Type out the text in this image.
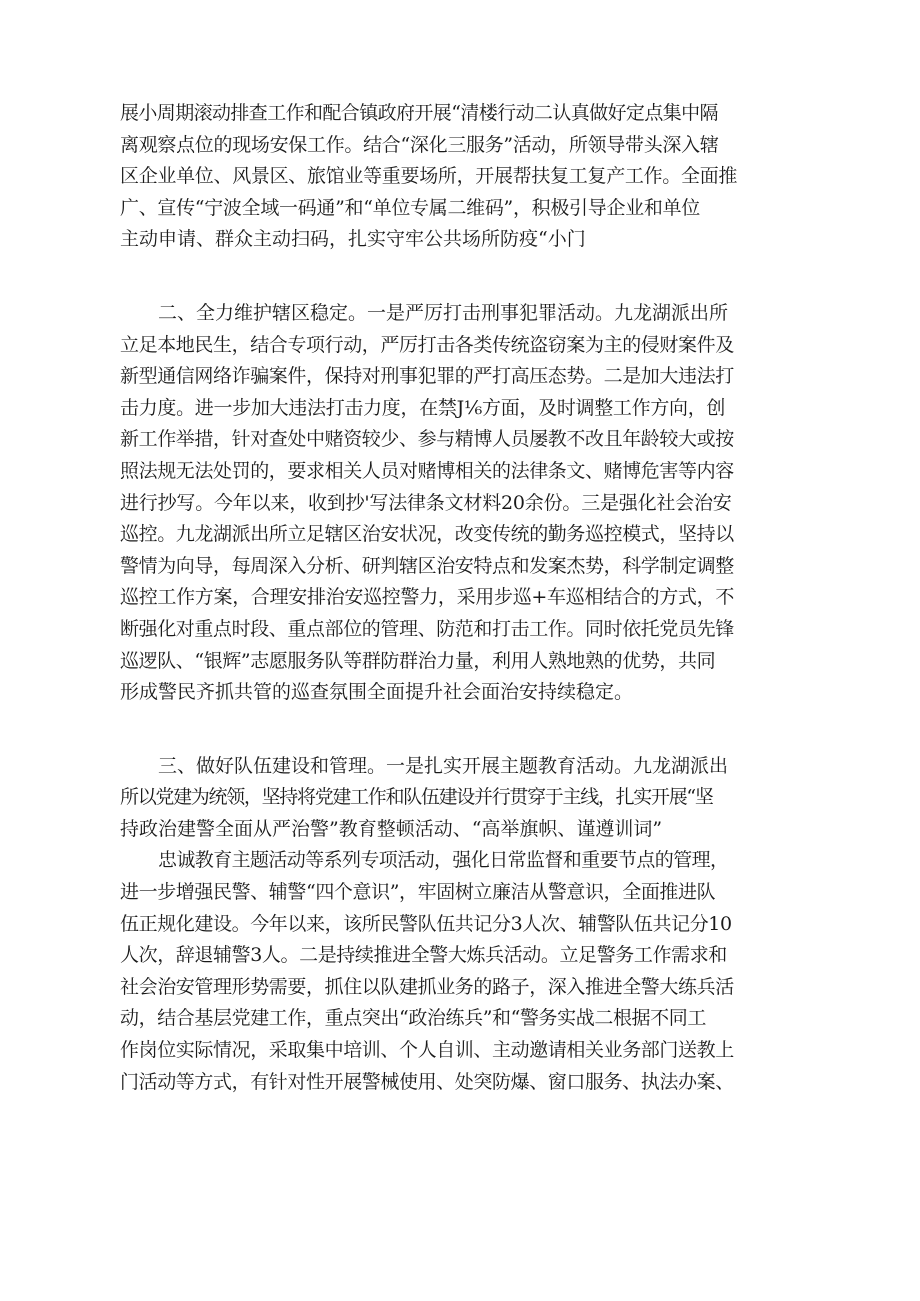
展小周期滚动排查工作和配合镇政府开展“清楼行动二认真做好定点集中隔
离观察点位的现场安保工作。结合“深化三服务”活动，所领导带头深入辖
区企业单位、风景区、旅馆业等重要场所，开展帮扶复工复产工作。全面推
广、宣传“宁波全域一码通”和“单位专属二维码”，积极引导企业和单位
主动申请、群众主动扫码，扎实守牢公共场所防疫“小门
二、全力维护辖区稳定。一是严厉打击刑事犯罪活动。九龙湖派出所
立足本地民生，结合专项行动，严厉打击各类传统盗窃案为主的侵财案件及
新型通信网络诈骗案件，保持对刑事犯罪的严打高压态势。二是加大违法打
击力度。进一步加大违法打击力度，在禁J⅙方面，及时调整工作方向，创
新工作举措，针对查处中赌资较少、参与精博人员屡教不改且年龄较大或按
照法规无法处罚的，要求相关人员对赌博相关的法律条文、赌博危害等内容
进行抄写。今年以来，收到抄'写法律条文材料20余份。三是强化社会治安
巡控。九龙湖派出所立足辖区治安状况，改变传统的勤务巡控模式，坚持以
警情为向导，每周深入分析、研判辖区治安特点和发案杰势，科学制定调整
巡控工作方案，合理安排治安巡控警力，采用步巡+车巡相结合的方式，不
断强化对重点时段、重点部位的管理、防范和打击工作。同时依托党员先锋
巡逻队、“银辉”志愿服务队等群防群治力量，利用人熟地熟的优势，共同
形成警民齐抓共管的巡查氛围全面提升社会面治安持续稳定。
三、做好队伍建设和管理。一是扎实开展主题教育活动。九龙湖派出
所以党建为统领，坚持将党建工作和队伍建设并行贯穿于主线，扎实开展“坚
持政治建警全面从严治警”教育整顿活动、“高举旗帜、谨遵训词”
忠诚教育主题活动等系列专项活动，强化日常监督和重要节点的管理，
进一步增强民警、辅警“四个意识”，牢固树立廉洁从警意识，全面推进队
伍正规化建设。今年以来，该所民警队伍共记分3人次、辅警队伍共记分10
人次，辞退辅警3人。二是持续推进全警大炼兵活动。立足警务工作需求和
社会治安管理形势需要，抓住以队建抓业务的路子，深入推进全警大练兵活
动，结合基层党建工作，重点突出“政治练兵”和“警务实战二根据不同工
作岗位实际情况，采取集中培训、个人自训、主动邀请相关业务部门送教上
门活动等方式，有针对性开展警械使用、处突防爆、窗口服务、执法办案、
